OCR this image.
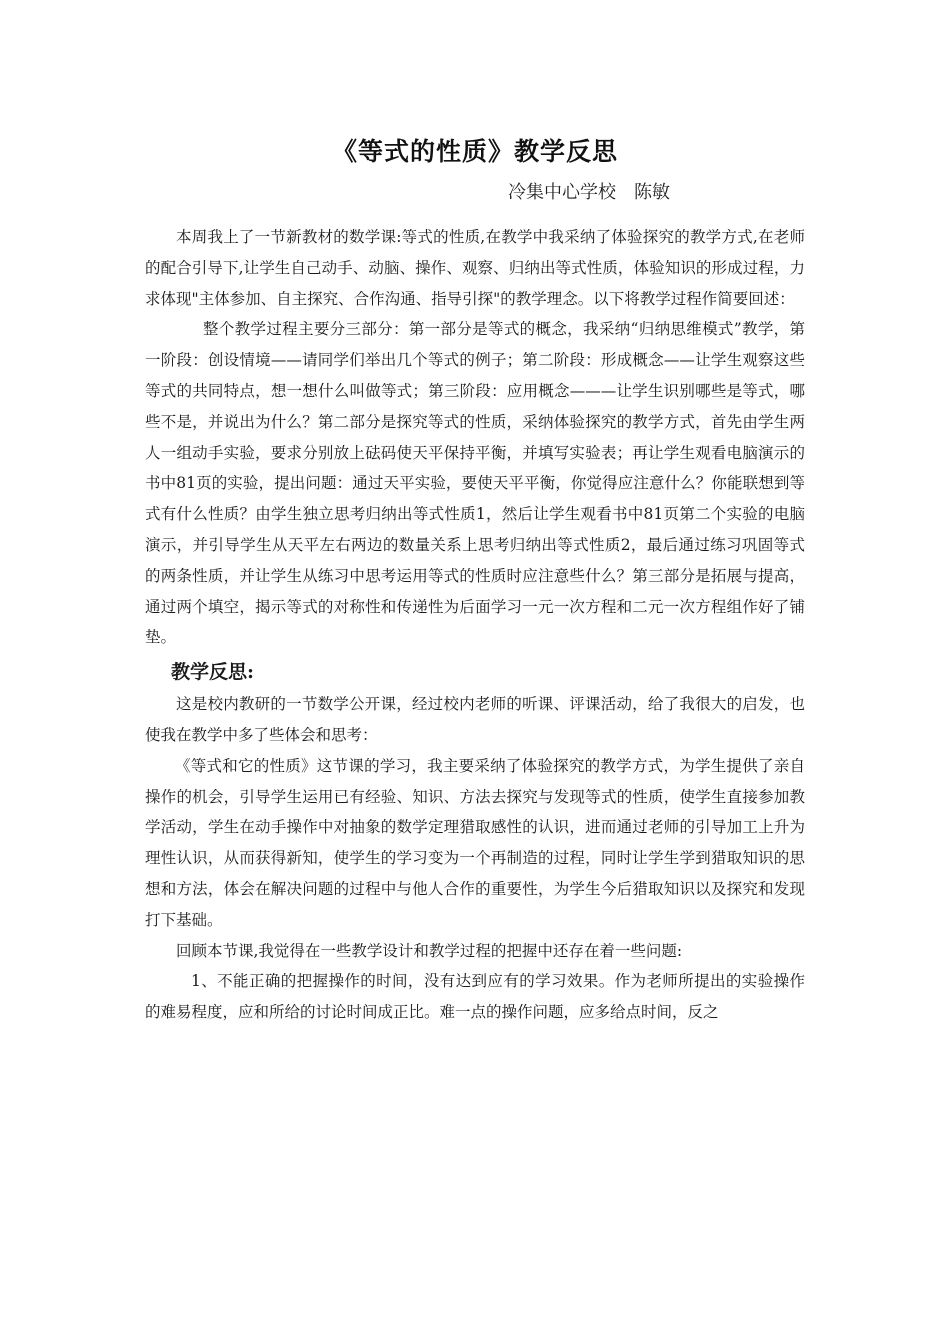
《等式的性质》教学反思
冷集中心学校　陈敏

本周我上了一节新教材的数学课:等式的性质,在教学中我采纳了体验探究的教学方式,在老师的配合引导下,让学生自己动手、动脑、操作、观察、归纳出等式性质，体验知识的形成过程，力求体现"主体参加、自主探究、合作沟通、指导引探"的教学理念。以下将教学过程作简要回述：

整个教学过程主要分三部分：第一部分是等式的概念，我采纳“归纳思维模式”教学，第一阶段：创设情境——请同学们举出几个等式的例子；第二阶段：形成概念——让学生观察这些等式的共同特点，想一想什么叫做等式；第三阶段：应用概念———让学生识别哪些是等式，哪些不是，并说出为什么？第二部分是探究等式的性质，采纳体验探究的教学方式，首先由学生两人一组动手实验，要求分别放上砝码使天平保持平衡，并填写实验表；再让学生观看电脑演示的书中81页的实验，提出问题：通过天平实验，要使天平平衡，你觉得应注意什么？你能联想到等式有什么性质？由学生独立思考归纳出等式性质1，然后让学生观看书中81页第二个实验的电脑演示，并引导学生从天平左右两边的数量关系上思考归纳出等式性质2，最后通过练习巩固等式的两条性质，并让学生从练习中思考运用等式的性质时应注意些什么？第三部分是拓展与提高，通过两个填空，揭示等式的对称性和传递性为后面学习一元一次方程和二元一次方程组作好了铺垫。

教学反思:

这是校内教研的一节数学公开课，经过校内老师的听课、评课活动，给了我很大的启发，也使我在教学中多了些体会和思考：

《等式和它的性质》这节课的学习，我主要采纳了体验探究的教学方式，为学生提供了亲自操作的机会，引导学生运用已有经验、知识、方法去探究与发现等式的性质，使学生直接参加教学活动，学生在动手操作中对抽象的数学定理猎取感性的认识，进而通过老师的引导加工上升为理性认识，从而获得新知，使学生的学习变为一个再制造的过程，同时让学生学到猎取知识的思想和方法，体会在解决问题的过程中与他人合作的重要性，为学生今后猎取知识以及探究和发现打下基础。

回顾本节课,我觉得在一些教学设计和教学过程的把握中还存在着一些问题:

1、不能正确的把握操作的时间，没有达到应有的学习效果。作为老师所提出的实验操作的难易程度，应和所给的讨论时间成正比。难一点的操作问题，应多给点时间，反之
